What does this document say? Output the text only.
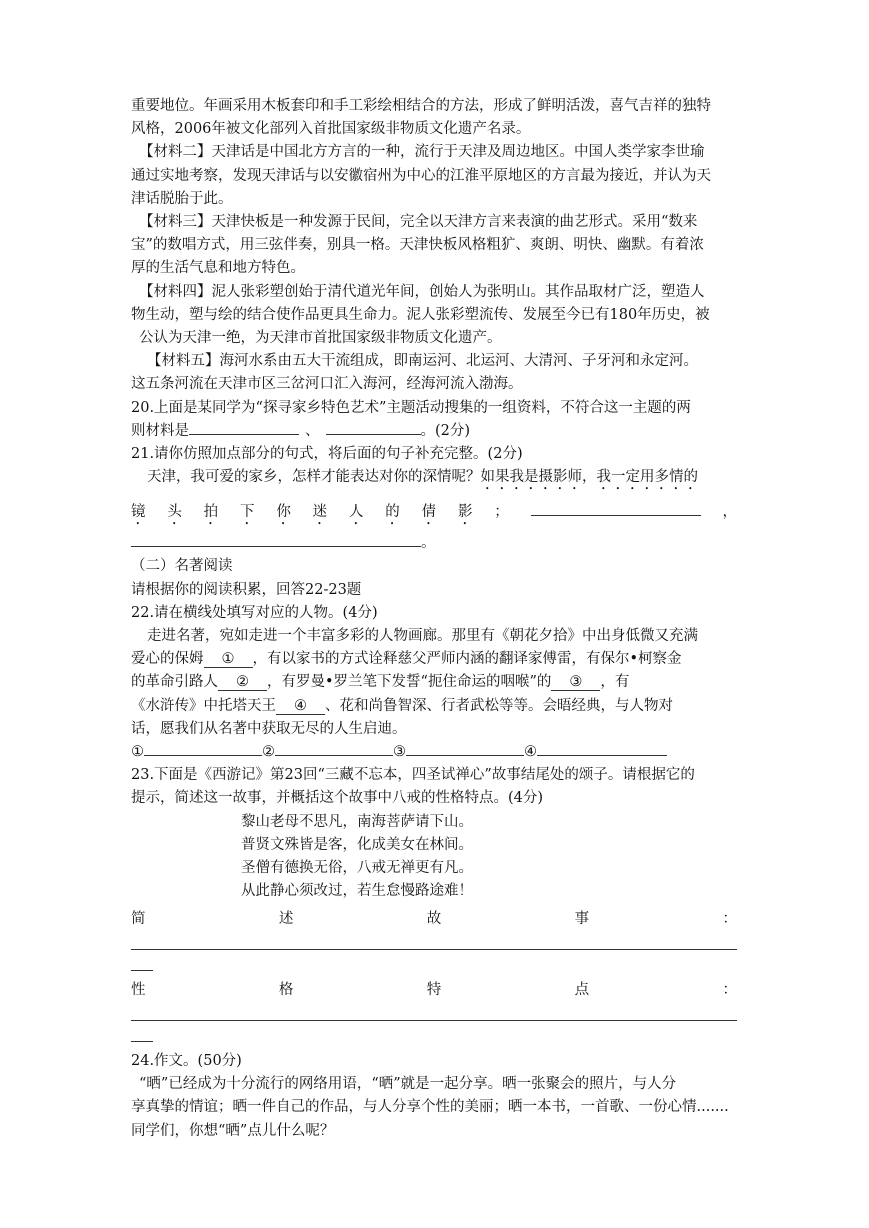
重要地位。年画采用木板套印和手工彩绘相结合的方法，形成了鲜明活泼，喜气吉祥的独特

风格，2006年被文化部列入首批国家级非物质文化遗产名录。

【材料二】天津话是中国北方方言的一种，流行于天津及周边地区。中国人类学家李世瑜

通过实地考察，发现天津话与以安徽宿州为中心的江淮平原地区的方言最为接近，并认为天

津话脱胎于此。

【材料三】天津快板是一种发源于民间，完全以天津方言来表演的曲艺形式。采用“数来

宝”的数唱方式，用三弦伴奏，别具一格。天津快板风格粗犷、爽朗、明快、幽默。有着浓

厚的生活气息和地方特色。

【材料四】泥人张彩塑创始于清代道光年间，创始人为张明山。其作品取材广泛，塑造人

物生动，塑与绘的结合使作品更具生命力。泥人张彩塑流传、发展至今已有180年历史，被

公认为天津一绝，为天津市首批国家级非物质文化遗产。

【材料五】海河水系由五大干流组成，即南运河、北运河、大清河、子牙河和永定河。

这五条河流在天津市区三岔河口汇入海河，经海河流入渤海。

20.上面是某同学为“探寻家乡特色艺术”主题活动搜集的一组资料，不符合这一主题的两

则材料是	、	。(2分)

21.请你仿照加点部分的句式，将后面的句子补充完整。(2分)

天津，我可爱的家乡，怎样才能表达对你的深情呢？如果我是摄影师，我一定用多情的

镜 头 拍 下 你 迷 人 的 倩 影 ；	，

。

（二）名著阅读

请根据你的阅读积累，回答22-23题

22.请在横线处填写对应的人物。(4分)

走进名著，宛如走进一个丰富多彩的人物画廊。那里有《朝花夕拾》中出身低微又充满

爱心的保姆 ① ，有以家书的方式诠释慈父严师内涵的翻译家傅雷，有保尔•柯察金

的革命引路人 ② ，有罗曼•罗兰笔下发誓“扼住命运的咽喉”的 ③ ，有

《水浒传》中托塔天王 ④ 、花和尚鲁智深、行者武松等等。会晤经典，与人物对

话，愿我们从名著中获取无尽的人生启迪。

①	②	③	④

23.下面是《西游记》第23回“三藏不忘本，四圣试禅心”故事结尾处的颂子。请根据它的

提示，简述这一故事，并概括这个故事中八戒的性格特点。(4分)

黎山老母不思凡，南海菩萨请下山。

普贤文殊皆是客，化成美女在林间。

圣僧有德换无俗，八戒无禅更有凡。

从此静心须改过，若生怠慢路途难！

简	述	故	事	：
性	格	特	点	：

24.作文。(50分)

“晒”已经成为十分流行的网络用语，“晒”就是一起分享。晒一张聚会的照片，与人分

享真挚的情谊；晒一件自己的作品，与人分享个性的美丽；晒一本书，一首歌、一份心情.......

同学们，你想“晒”点儿什么呢？
